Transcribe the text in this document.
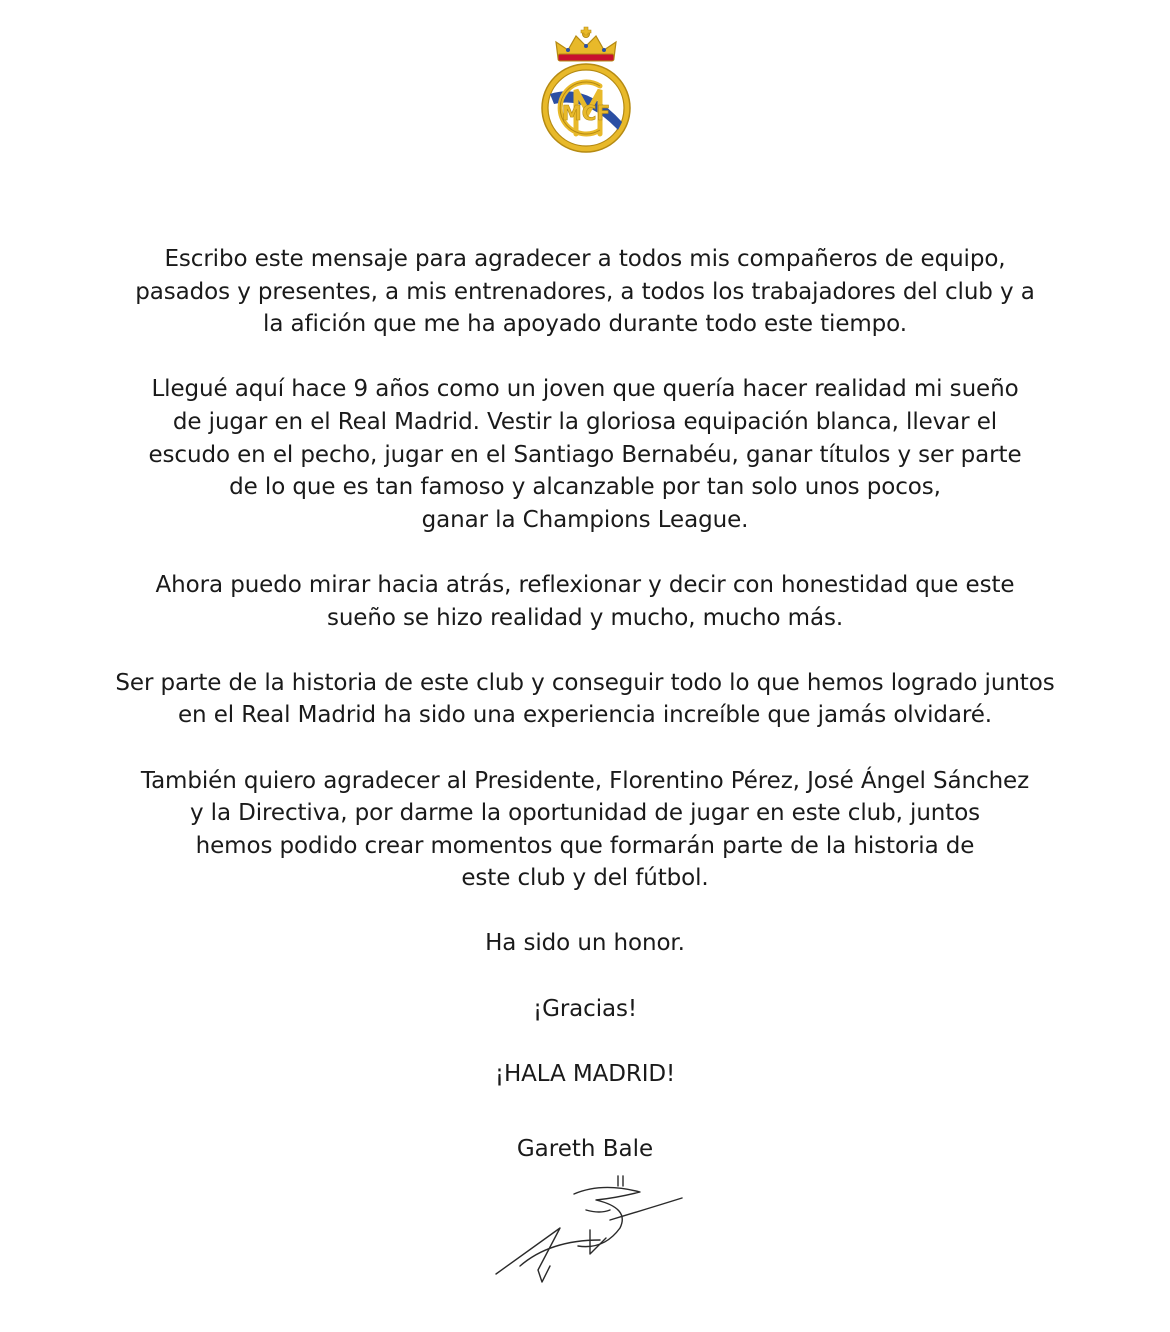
MCF

Escribo este mensaje para agradecer a todos mis compañeros de equipo,
pasados y presentes, a mis entrenadores, a todos los trabajadores del club y a
la afición que me ha apoyado durante todo este tiempo.

Llegué aquí hace 9 años como un joven que quería hacer realidad mi sueño
de jugar en el Real Madrid. Vestir la gloriosa equipación blanca, llevar el
escudo en el pecho, jugar en el Santiago Bernabéu, ganar títulos y ser parte
de lo que es tan famoso y alcanzable por tan solo unos pocos,
ganar la Champions League.

Ahora puedo mirar hacia atrás, reflexionar y decir con honestidad que este
sueño se hizo realidad y mucho, mucho más.

Ser parte de la historia de este club y conseguir todo lo que hemos logrado juntos
en el Real Madrid ha sido una experiencia increíble que jamás olvidaré.

También quiero agradecer al Presidente, Florentino Pérez, José Ángel Sánchez
y la Directiva, por darme la oportunidad de jugar en este club, juntos
hemos podido crear momentos que formarán parte de la historia de
este club y del fútbol.

Ha sido un honor.

¡Gracias!

¡HALA MADRID!

Gareth Bale
